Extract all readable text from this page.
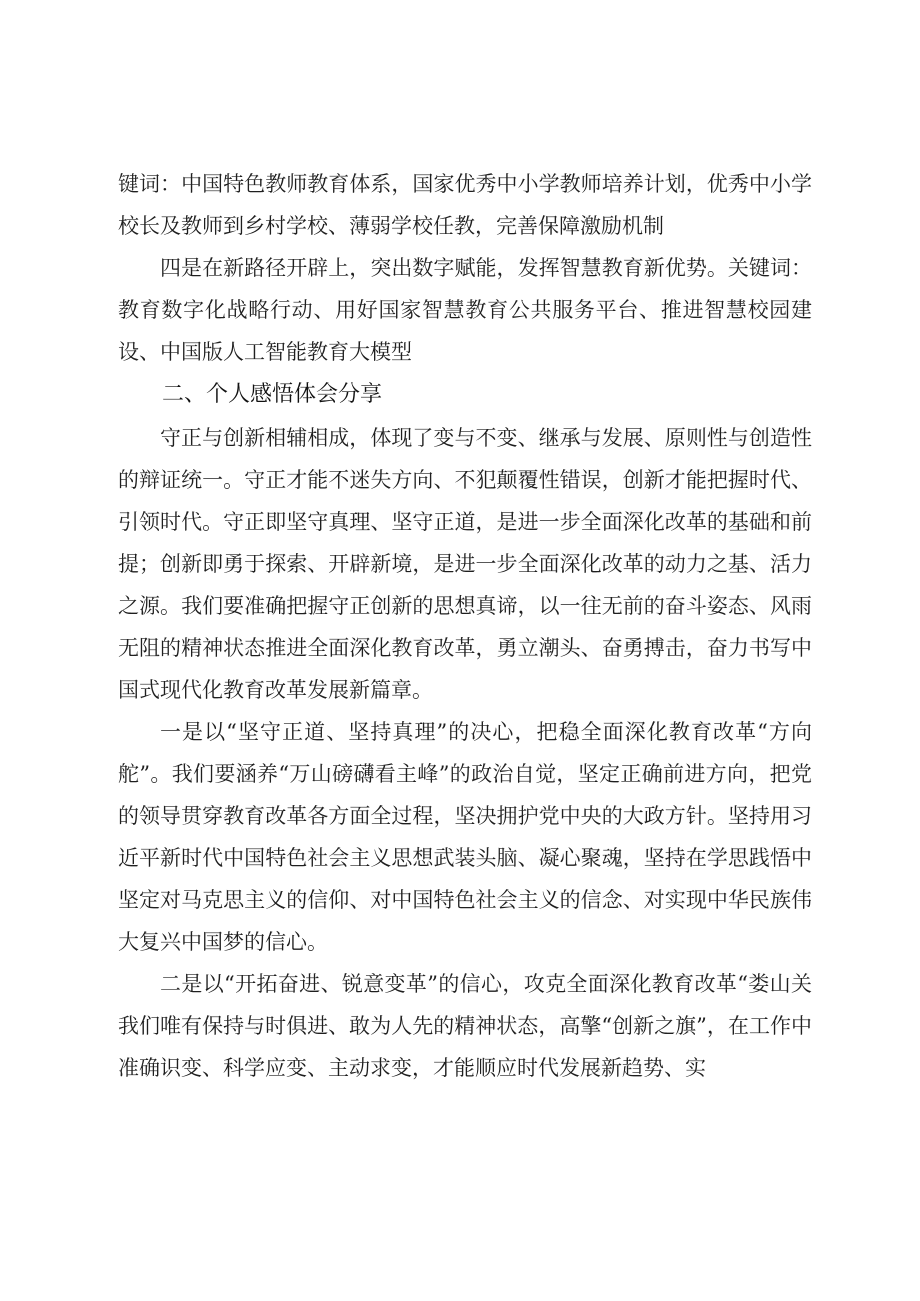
键词：中国特色教师教育体系，国家优秀中小学教师培养计划，优秀中小学校长及教师到乡村学校、薄弱学校任教，完善保障激励机制

四是在新路径开辟上，突出数字赋能，发挥智慧教育新优势。关键词：教育数字化战略行动、用好国家智慧教育公共服务平台、推进智慧校园建设、中国版人工智能教育大模型

二、个人感悟体会分享

守正与创新相辅相成，体现了变与不变、继承与发展、原则性与创造性的辩证统一。守正才能不迷失方向、不犯颠覆性错误，创新才能把握时代、引领时代。守正即坚守真理、坚守正道，是进一步全面深化改革的基础和前提；创新即勇于探索、开辟新境，是进一步全面深化改革的动力之基、活力之源。我们要准确把握守正创新的思想真谛，以一往无前的奋斗姿态、风雨无阻的精神状态推进全面深化教育改革，勇立潮头、奋勇搏击，奋力书写中国式现代化教育改革发展新篇章。

一是以“坚守正道、坚持真理”的决心，把稳全面深化教育改革“方向舵”。我们要涵养“万山磅礴看主峰”的政治自觉，坚定正确前进方向，把党的领导贯穿教育改革各方面全过程，坚决拥护党中央的大政方针。坚持用习近平新时代中国特色社会主义思想武装头脑、凝心聚魂，坚持在学思践悟中坚定对马克思主义的信仰、对中国特色社会主义的信念、对实现中华民族伟大复兴中国梦的信心。

二是以“开拓奋进、锐意变革”的信心，攻克全面深化教育改革“娄山关我们唯有保持与时俱进、敢为人先的精神状态，高擎“创新之旗”，在工作中准确识变、科学应变、主动求变，才能顺应时代发展新趋势、实
